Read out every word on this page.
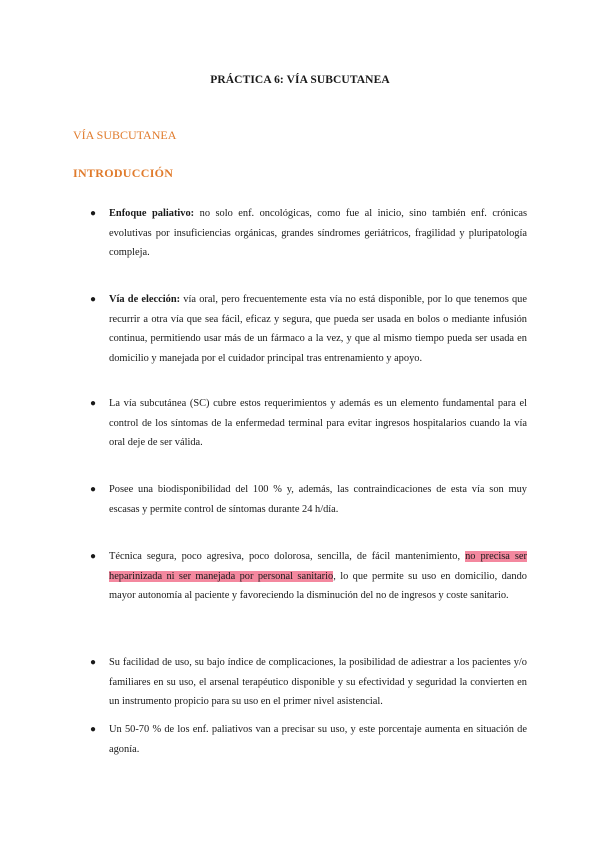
PRÁCTICA 6: VÍA SUBCUTANEA
VÍA SUBCUTANEA
INTRODUCCIÓN
● Enfoque paliativo: no solo enf. oncológicas, como fue al inicio, sino también enf. crónicas evolutivas por insuficiencias orgánicas, grandes síndromes geriátricos, fragilidad y pluripatología compleja.
● Vía de elección: vía oral, pero frecuentemente esta vía no está disponible, por lo que tenemos que recurrir a otra vía que sea fácil, eficaz y segura, que pueda ser usada en bolos o mediante infusión continua, permitiendo usar más de un fármaco a la vez, y que al mismo tiempo pueda ser usada en domicilio y manejada por el cuidador principal tras entrenamiento y apoyo.
● La vía subcutánea (SC) cubre estos requerimientos y además es un elemento fundamental para el control de los síntomas de la enfermedad terminal para evitar ingresos hospitalarios cuando la vía oral deje de ser válida.
● Posee una biodisponibilidad del 100 % y, además, las contraindicaciones de esta vía son muy escasas y permite control de síntomas durante 24 h/día.
● Técnica segura, poco agresiva, poco dolorosa, sencilla, de fácil mantenimiento, no precisa ser heparinizada ni ser manejada por personal sanitario, lo que permite su uso en domicilio, dando mayor autonomía al paciente y favoreciendo la disminución del no de ingresos y coste sanitario.
● Su facilidad de uso, su bajo índice de complicaciones, la posibilidad de adiestrar a los pacientes y/o familiares en su uso, el arsenal terapéutico disponible y su efectividad y seguridad la convierten en un instrumento propicio para su uso en el primer nivel asistencial.
● Un 50-70 % de los enf. paliativos van a precisar su uso, y este porcentaje aumenta en situación de agonía.
